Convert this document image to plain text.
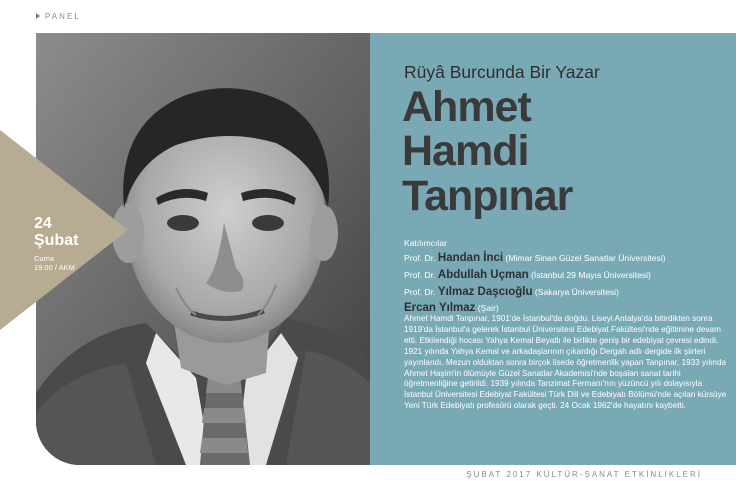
PANEL
Rüyâ Burcunda Bir Yazar
Ahmet
Hamdi
Tanpınar
Katılımcılar
Prof. Dr. Handan İnci (Mimar Sinan Güzel Sanatlar Üniversitesi)
Prof. Dr. Abdullah Uçman (İstanbul 29 Mayıs Üniversitesi)
Prof. Dr. Yılmaz Daşcıoğlu (Sakarya Üniversitesi)
Ercan Yılmaz (Şair)
Ahmet Hamdi Tanpınar, 1901'de İstanbul'da doğdu. Liseyi Antalya'da bitirdikten sonra 1919'da İstanbul'a gelerek İstanbul Üniversitesi Edebiyat Fakültesi'nde eğitimine devam etti. Etkilendiği hocası Yahya Kemal Beyatlı ile birlikte geniş bir edebiyat çevresi edindi. 1921 yılında Yahya Kemal ve arkadaşlarının çıkardığı Dergah adlı dergide ilk şiirleri yayınlandı. Mezun olduktan sonra birçok lisede öğretmenlik yapan Tanpınar, 1933 yılında Ahmet Haşim'in ölümüyle Güzel Sanatlar Akademisi'nde boşalan sanat tarihi öğretmenliğine getirildi. 1939 yılında Tanzimat Fermanı'nın yüzüncü yılı dolayısıyla İstanbul Üniversitesi Edebiyat Fakültesi Türk Dili ve Edebiyatı Bölümü'nde açılan kürsüye Yeni Türk Edebiyatı profesörü olarak geçti. 24 Ocak 1962'de hayatını kaybetti.
24
Şubat
Cuma
19.00 / AKM
ŞUBAT 2017 KÜLTÜR-SANAT ETKİNLİKLERİ
